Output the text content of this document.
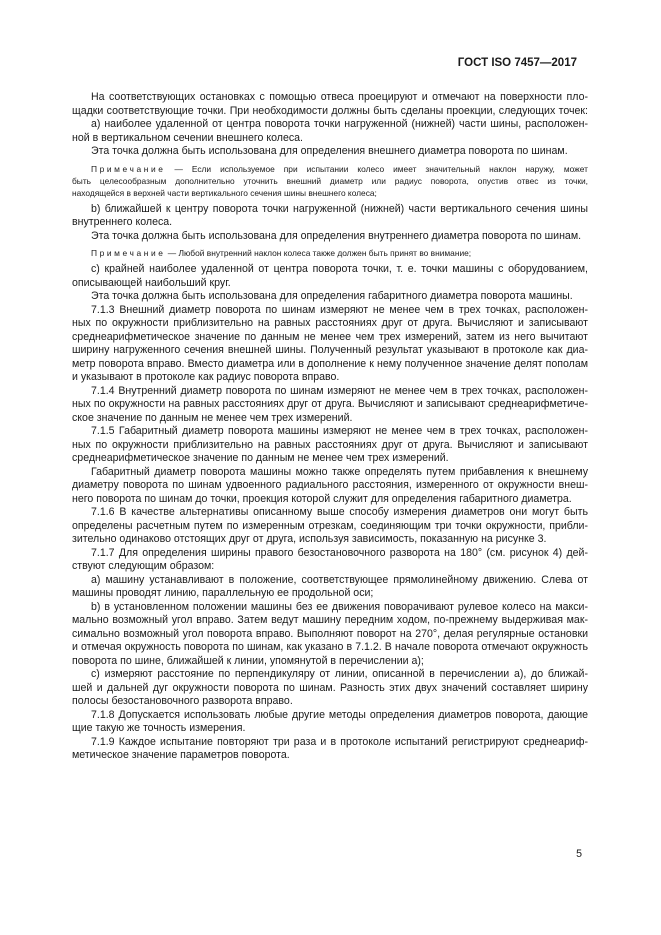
ГОСТ ISO 7457—2017
На соответствующих остановках с помощью отвеса проецируют и отмечают на поверхности пло-
щадки соответствующие точки. При необходимости должны быть сделаны проекции, следующих точек:
а) наиболее удаленной от центра поворота точки нагруженной (нижней) части шины, расположен-
ной в вертикальном сечении внешнего колеса.
Эта точка должна быть использована для определения внешнего диаметра поворота по шинам.
Примечание — Если используемое при испытании колесо имеет значительный наклон наружу, может
быть целесообразным дополнительно уточнить внешний диаметр или радиус поворота, опустив отвес из точки,
находящейся в верхней части вертикального сечения шины внешнего колеса;
b) ближайшей к центру поворота точки нагруженной (нижней) части вертикального сечения шины
внутреннего колеса.
Эта точка должна быть использована для определения внутреннего диаметра поворота по шинам.
Примечание — Любой внутренний наклон колеса также должен быть принят во внимание;
c) крайней наиболее удаленной от центра поворота точки, т. е. точки машины с оборудованием,
описывающей наибольший круг.
Эта точка должна быть использована для определения габаритного диаметра поворота машины.
7.1.3 Внешний диаметр поворота по шинам измеряют не менее чем в трех точках, расположен-
ных по окружности приблизительно на равных расстояниях друг от друга. Вычисляют и записывают
среднеарифметическое значение по данным не менее чем трех измерений, затем из него вычитают
ширину нагруженного сечения внешней шины. Полученный результат указывают в протоколе как диа-
метр поворота вправо. Вместо диаметра или в дополнение к нему полученное значение делят пополам
и указывают в протоколе как радиус поворота вправо.
7.1.4 Внутренний диаметр поворота по шинам измеряют не менее чем в трех точках, расположен-
ных по окружности на равных расстояниях друг от друга. Вычисляют и записывают среднеарифметиче-
ское значение по данным не менее чем трех измерений.
7.1.5 Габаритный диаметр поворота машины измеряют не менее чем в трех точках, расположен-
ных по окружности приблизительно на равных расстояниях друг от друга. Вычисляют и записывают
среднеарифметическое значение по данным не менее чем трех измерений.
Габаритный диаметр поворота машины можно также определять путем прибавления к внешнему
диаметру поворота по шинам удвоенного радиального расстояния, измеренного от окружности внеш-
него поворота по шинам до точки, проекция которой служит для определения габаритного диаметра.
7.1.6 В качестве альтернативы описанному выше способу измерения диаметров они могут быть
определены расчетным путем по измеренным отрезкам, соединяющим три точки окружности, прибли-
зительно одинаково отстоящих друг от друга, используя зависимость, показанную на рисунке 3.
7.1.7 Для определения ширины правого безостановочного разворота на 180° (см. рисунок 4) дей-
ствуют следующим образом:
а) машину устанавливают в положение, соответствующее прямолинейному движению. Слева от
машины проводят линию, параллельную ее продольной оси;
b) в установленном положении машины без ее движения поворачивают рулевое колесо на макси-
мально возможный угол вправо. Затем ведут машину передним ходом, по-прежнему выдерживая мак-
симально возможный угол поворота вправо. Выполняют поворот на 270°, делая регулярные остановки
и отмечая окружность поворота по шинам, как указано в 7.1.2. В начале поворота отмечают окружность
поворота по шине, ближайшей к линии, упомянутой в перечислении а);
c) измеряют расстояние по перпендикуляру от линии, описанной в перечислении а), до ближай-
шей и дальней дуг окружности поворота по шинам. Разность этих двух значений составляет ширину
полосы безостановочного разворота вправо.
7.1.8 Допускается использовать любые другие методы определения диаметров поворота, дающие
щие такую же точность измерения.
7.1.9 Каждое испытание повторяют три раза и в протоколе испытаний регистрируют среднеариф-
метическое значение параметров поворота.
5
